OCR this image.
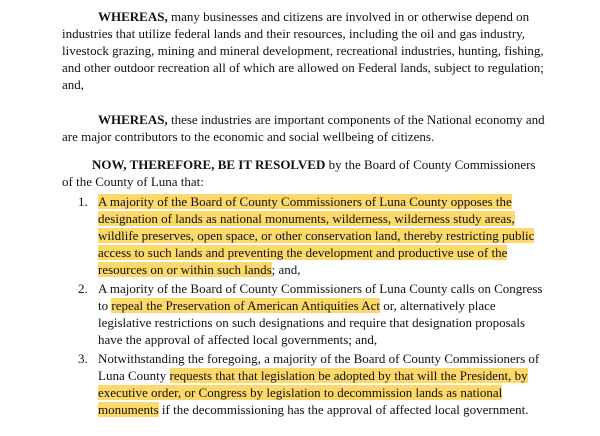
WHEREAS, many businesses and citizens are involved in or otherwise depend on
industries that utilize federal lands and their resources, including the oil and gas industry,
livestock grazing, mining and mineral development, recreational industries, hunting, fishing,
and other outdoor recreation all of which are allowed on Federal lands, subject to regulation;
and,

WHEREAS, these industries are important components of the National economy and
are major contributors to the economic and social wellbeing of citizens.

NOW, THEREFORE, BE IT RESOLVED by the Board of County Commissioners
of the County of Luna that:

1. A majority of the Board of County Commissioners of Luna County opposes the
designation of lands as national monuments, wilderness, wilderness study areas,
wildlife preserves, open space, or other conservation land, thereby restricting public
access to such lands and preventing the development and productive use of the
resources on or within such lands; and,
2. A majority of the Board of County Commissioners of Luna County calls on Congress
to repeal the Preservation of American Antiquities Act or, alternatively place
legislative restrictions on such designations and require that designation proposals
have the approval of affected local governments; and,
3. Notwithstanding the foregoing, a majority of the Board of County Commissioners of
Luna County requests that that legislation be adopted by that will the President, by
executive order, or Congress by legislation to decommission lands as national
monuments if the decommissioning has the approval of affected local government.
